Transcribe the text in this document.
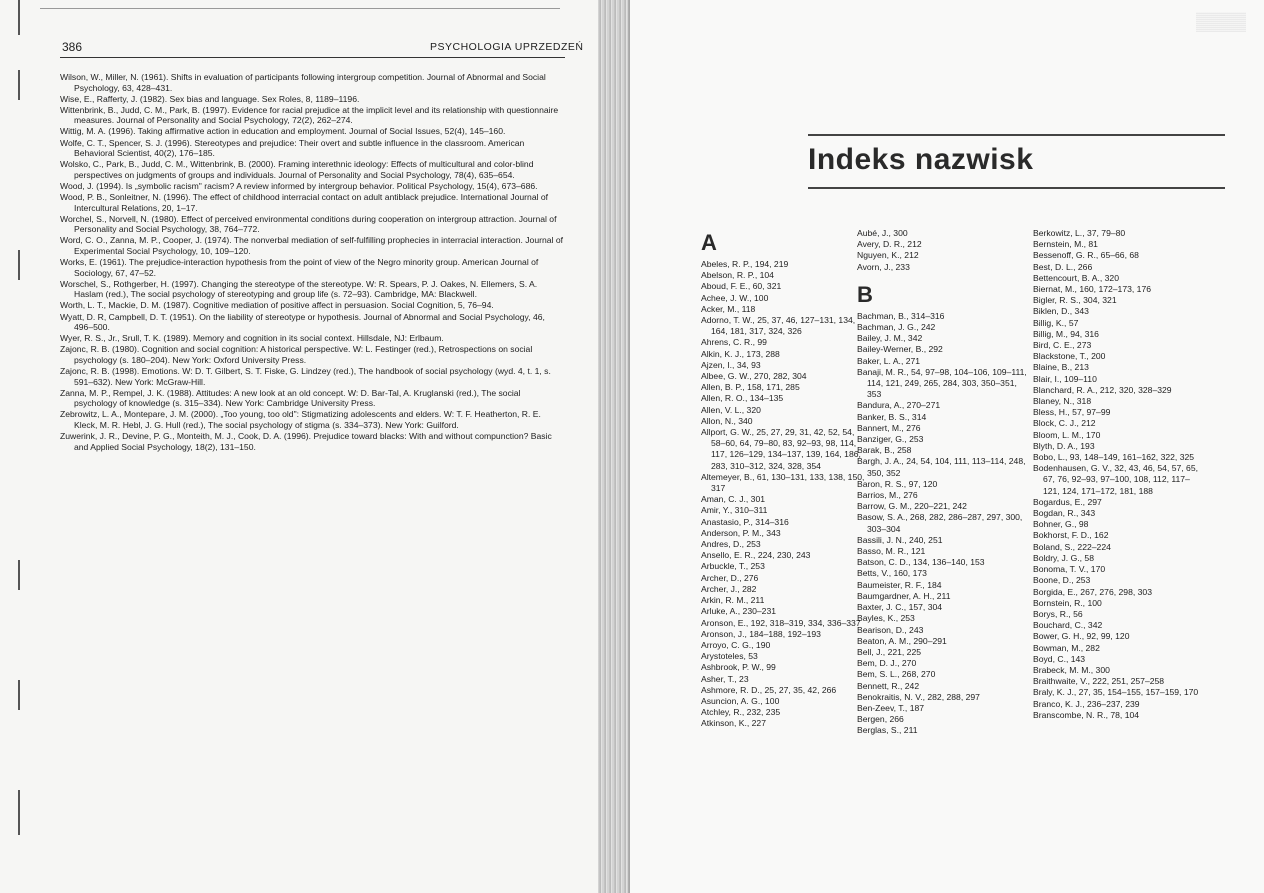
386	PSYCHOLOGIA UPRZEDZEŃ
Wilson, W., Miller, N. (1961). Shifts in evaluation of participants following intergroup competition. Journal of Abnormal and Social Psychology, 63, 428–431.
Wise, E., Rafferty, J. (1982). Sex bias and language. Sex Roles, 8, 1189–1196.
Wittenbrink, B., Judd, C. M., Park, B. (1997). Evidence for racial prejudice at the implicit level and its relationship with questionnaire measures. Journal of Personality and Social Psychology, 72(2), 262–274.
Wittig, M. A. (1996). Taking affirmative action in education and employment. Journal of Social Issues, 52(4), 145–160.
Wolfe, C. T., Spencer, S. J. (1996). Stereotypes and prejudice: Their overt and subtle influence in the classroom. American Behavioral Scientist, 40(2), 176–185.
Wolsko, C., Park, B., Judd, C. M., Wittenbrink, B. (2000). Framing interethnic ideology: Effects of multicultural and color-blind perspectives on judgments of groups and individuals. Journal of Personality and Social Psychology, 78(4), 635–654.
Wood, J. (1994). Is „symbolic racism" racism? A review informed by intergroup behavior. Political Psychology, 15(4), 673–686.
Wood, P. B., Sonleitner, N. (1996). The effect of childhood interracial contact on adult antiblack prejudice. International Journal of Intercultural Relations, 20, 1–17.
Worchel, S., Norvell, N. (1980). Effect of perceived environmental conditions during cooperation on intergroup attraction. Journal of Personality and Social Psychology, 38, 764–772.
Word, C. O., Zanna, M. P., Cooper, J. (1974). The nonverbal mediation of self-fulfilling prophecies in interracial interaction. Journal of Experimental Social Psychology, 10, 109–120.
Works, E. (1961). The prejudice-interaction hypothesis from the point of view of the Negro minority group. American Journal of Sociology, 67, 47–52.
Worschel, S., Rothgerber, H. (1997). Changing the stereotype of the stereotype. W: R. Spears, P. J. Oakes, N. Ellemers, S. A. Haslam (red.), The social psychology of stereotyping and group life (s. 72–93). Cambridge, MA: Blackwell.
Worth, L. T., Mackie, D. M. (1987). Cognitive mediation of positive affect in persuasion. Social Cognition, 5, 76–94.
Wyatt, D. R, Campbell, D. T. (1951). On the liability of stereotype or hypothesis. Journal of Abnormal and Social Psychology, 46, 496–500.
Wyer, R. S., Jr., Srull, T. K. (1989). Memory and cognition in its social context. Hillsdale, NJ: Erlbaum.
Zajonc, R. B. (1980). Cognition and social cognition: A historical perspective. W: L. Festinger (red.), Retrospections on social psychology (s. 180–204). New York: Oxford University Press.
Zajonc, R. B. (1998). Emotions. W: D. T. Gilbert, S. T. Fiske, G. Lindzey (red.), The handbook of social psychology (wyd. 4, t. 1, s. 591–632). New York: McGraw-Hill.
Zanna, M. P., Rempel, J. K. (1988). Attitudes: A new look at an old concept. W: D. Bar-Tal, A. Kruglanski (red.), The social psychology of knowledge (s. 315–334). New York: Cambridge University Press.
Zebrowitz, L. A., Montepare, J. M. (2000). „Too young, too old": Stigmatizing adolescents and elders. W: T. F. Heatherton, R. E. Kleck, M. R. Hebl, J. G. Hull (red.), The social psychology of stigma (s. 334–373). New York: Guilford.
Zuwerink, J. R., Devine, P. G., Monteith, M. J., Cook, D. A. (1996). Prejudice toward blacks: With and without compunction? Basic and Applied Social Psychology, 18(2), 131–150.
Indeks nazwisk
A
Abeles, R. P., 194, 219
Abelson, R. P., 104
Aboud, F. E., 60, 321
Achee, J. W., 100
Acker, M., 118
Adorno, T. W., 25, 37, 46, 127–131, 134, 164, 181, 317, 324, 326
Ahrens, C. R., 99
Alkin, K. J., 173, 288
Ajzen, I., 34, 93
Albee, G. W., 270, 282, 304
Allen, B. P., 158, 171, 285
Allen, R. O., 134–135
Allen, V. L., 320
Allon, N., 340
Allport, G. W., 25, 27, 29, 31, 42, 52, 54, 58–60, 64, 79–80, 83, 92–93, 98, 114, 117, 126–129, 134–137, 139, 164, 186, 283, 310–312, 324, 328, 354
Altemeyer, B., 61, 130–131, 133, 138, 150, 317
Aman, C. J., 301
Amir, Y., 310–311
Anastasio, P., 314–316
Anderson, P. M., 343
Andres, D., 253
Ansello, E. R., 224, 230, 243
Arbuckle, T., 253
Archer, D., 276
Archer, J., 282
Arkin, R. M., 211
Arluke, A., 230–231
Aronson, E., 192, 318–319, 334, 336–337
Aronson, J., 184–188, 192–193
Arroyo, C. G., 190
Arystoteles, 53
Ashbrook, P. W., 99
Asher, T., 23
Ashmore, R. D., 25, 27, 35, 42, 266
Asuncion, A. G., 100
Atchley, R., 232, 235
Atkinson, K., 227
Aubé, J., 300
Avery, D. R., 212
Nguyen, K., 212
Avorn, J., 233
B
Bachman, B., 314–316
Bachman, J. G., 242
Bailey, J. M., 342
Bailey-Werner, B., 292
Baker, L. A., 271
Banaji, M. R., 54, 97–98, 104–106, 109–111, 114, 121, 249, 265, 284, 303, 350–351, 353
Bandura, A., 270–271
Banker, B. S., 314
Bannert, M., 276
Banziger, G., 253
Barak, B., 258
Bargh, J. A., 24, 54, 104, 111, 113–114, 248, 350, 352
Baron, R. S., 97, 120
Barrios, M., 276
Barrow, G. M., 220–221, 242
Basow, S. A., 268, 282, 286–287, 297, 300, 303–304
Bassili, J. N., 240, 251
Basso, M. R., 121
Batson, C. D., 134, 136–140, 153
Betts, V., 160, 173
Baumeister, R. F., 184
Baumgardner, A. H., 211
Baxter, J. C., 157, 304
Bayles, K., 253
Bearison, D., 243
Beaton, A. M., 290–291
Bell, J., 221, 225
Bem, D. J., 270
Bem, S. L., 268, 270
Bennett, R., 242
Benokraitis, N. V., 282, 288, 297
Ben-Zeev, T., 187
Bergen, 266
Berglas, S., 211
Berkowitz, L., 37, 79–80
Bernstein, M., 81
Bessenoff, G. R., 65–66, 68
Best, D. L., 266
Bettencourt, B. A., 320
Biernat, M., 160, 172–173, 176
Bigler, R. S., 304, 321
Biklen, D., 343
Billig, K., 57
Billig, M., 94, 316
Bird, C. E., 273
Blackstone, T., 200
Blaine, B., 213
Blair, I., 109–110
Blanchard, R. A., 212, 320, 328–329
Blaney, N., 318
Bless, H., 57, 97–99
Block, C. J., 212
Bloom, L. M., 170
Blyth, D. A., 193
Bobo, L., 93, 148–149, 161–162, 322, 325
Bodenhausen, G. V., 32, 43, 46, 54, 57, 65, 67, 76, 92–93, 97–100, 108, 112, 117–121, 124, 171–172, 181, 188
Bogardus, E., 297
Bogdan, R., 343
Bohner, G., 98
Bokhorst, F. D., 162
Boland, S., 222–224
Boldry, J. G., 58
Bonoma, T. V., 170
Boone, D., 253
Borgida, E., 267, 276, 298, 303
Bornstein, R., 100
Borys, R., 56
Bouchard, C., 342
Bower, G. H., 92, 99, 120
Bowman, M., 282
Boyd, C., 143
Brabeck, M. M., 300
Braithwaite, V., 222, 251, 257–258
Braly, K. J., 27, 35, 154–155, 157–159, 170
Branco, K. J., 236–237, 239
Branscombe, N. R., 78, 104
